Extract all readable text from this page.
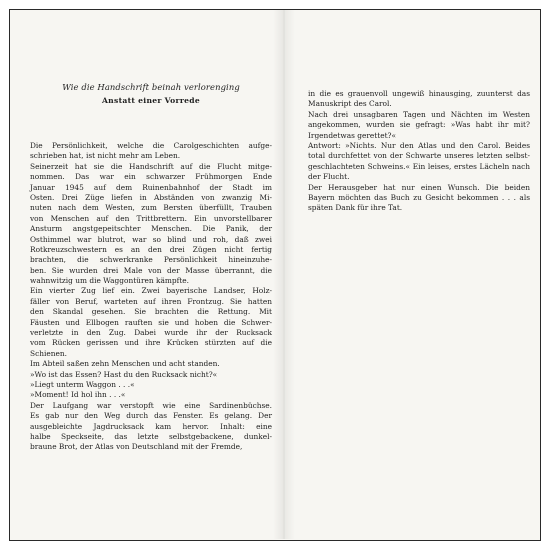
Wie die Handschrift beinah verlorenging
Anstatt einer Vorrede
Die Persönlichkeit, welche die Carolgeschichten aufge-
schrieben hat, ist nicht mehr am Leben.
Seinerzeit hat sie die Handschrift auf die Flucht mitge-
nommen. Das war ein schwarzer Frühmorgen Ende
Januar 1945 auf dem Ruinenbahnhof der Stadt im
Osten. Drei Züge liefen in Abständen von zwanzig Mi-
nuten nach dem Westen, zum Bersten überfüllt, Trauben
von Menschen auf den Trittbrettern. Ein unvorstellbarer
Ansturm angstgepeitschter Menschen. Die Panik, der
Osthimmel war blutrot, war so blind und roh, daß zwei
Rotkreuzschwestern es an den drei Zügen nicht fertig
brachten, die schwerkranke Persönlichkeit hineinzuhe-
ben. Sie wurden drei Male von der Masse überrannt, die
wahnwitzig um die Waggontüren kämpfte.
Ein vierter Zug lief ein. Zwei bayerische Landser, Holz-
fäller von Beruf, warteten auf ihren Frontzug. Sie hatten
den Skandal gesehen. Sie brachten die Rettung. Mit
Fäusten und Ellbogen rauften sie und hoben die Schwer-
verletzte in den Zug. Dabei wurde ihr der Rucksack
vom Rücken gerissen und ihre Krücken stürzten auf die
Schienen.
Im Abteil saßen zehn Menschen und acht standen.
»Wo ist das Essen? Hast du den Rucksack nicht?«
»Liegt unterm Waggon . . .«
»Moment! Id hol ihn . . .«
Der Laufgang war verstopft wie eine Sardinenbüchse.
Es gab nur den Weg durch das Fenster. Es gelang. Der
ausgebleichte Jagdrucksack kam hervor. Inhalt: eine
halbe Speckseite, das letzte selbstgebackene, dunkel-
braune Brot, der Atlas von Deutschland mit der Fremde,
in die es grauenvoll ungewiß hinausging, zuunterst das
Manuskript des Carol.
Nach drei unsagbaren Tagen und Nächten im Westen
angekommen, wurden sie gefragt: »Was habt ihr mit?
Irgendetwas gerettet?«
Antwort: »Nichts. Nur den Atlas und den Carol. Beides
total durchfettet von der Schwarte unseres letzten selbst-
geschlachteten Schweins.« Ein leises, erstes Lächeln nach
der Flucht.
Der Herausgeber hat nur einen Wunsch. Die beiden
Bayern möchten das Buch zu Gesicht bekommen . . . als
späten Dank für ihre Tat.
